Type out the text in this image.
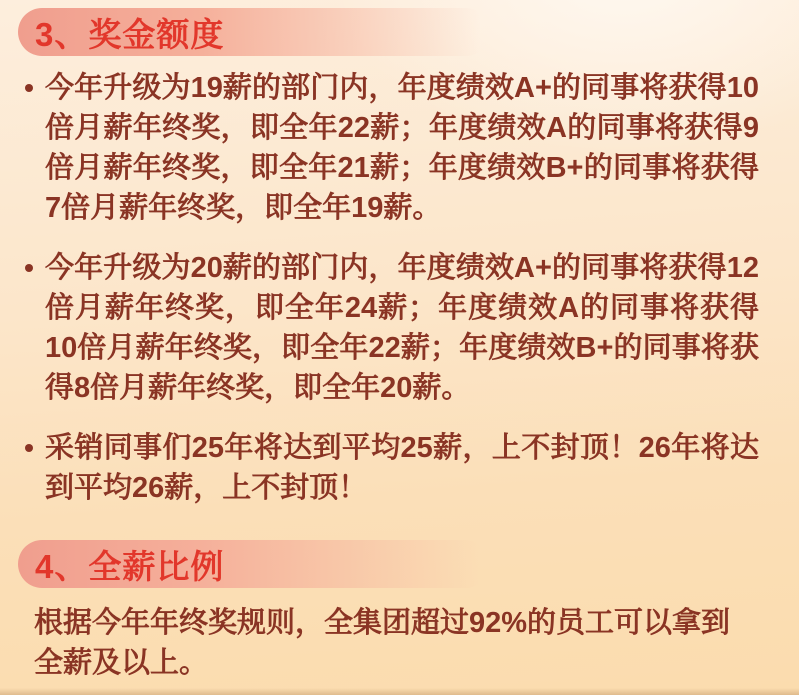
3、奖金额度
今年升级为19薪的部门内，年度绩效A+的同事将获得10倍月薪年终奖，即全年22薪；年度绩效A的同事将获得9倍月薪年终奖，即全年21薪；年度绩效B+的同事将获得7倍月薪年终奖，即全年19薪。
今年升级为20薪的部门内，年度绩效A+的同事将获得12倍月薪年终奖，即全年24薪；年度绩效A的同事将获得10倍月薪年终奖，即全年22薪；年度绩效B+的同事将获得8倍月薪年终奖，即全年20薪。
采销同事们25年将达到平均25薪，上不封顶！26年将达到平均26薪，上不封顶！
4、全薪比例

根据今年年终奖规则，全集团超过92%的员工可以拿到全薪及以上。
